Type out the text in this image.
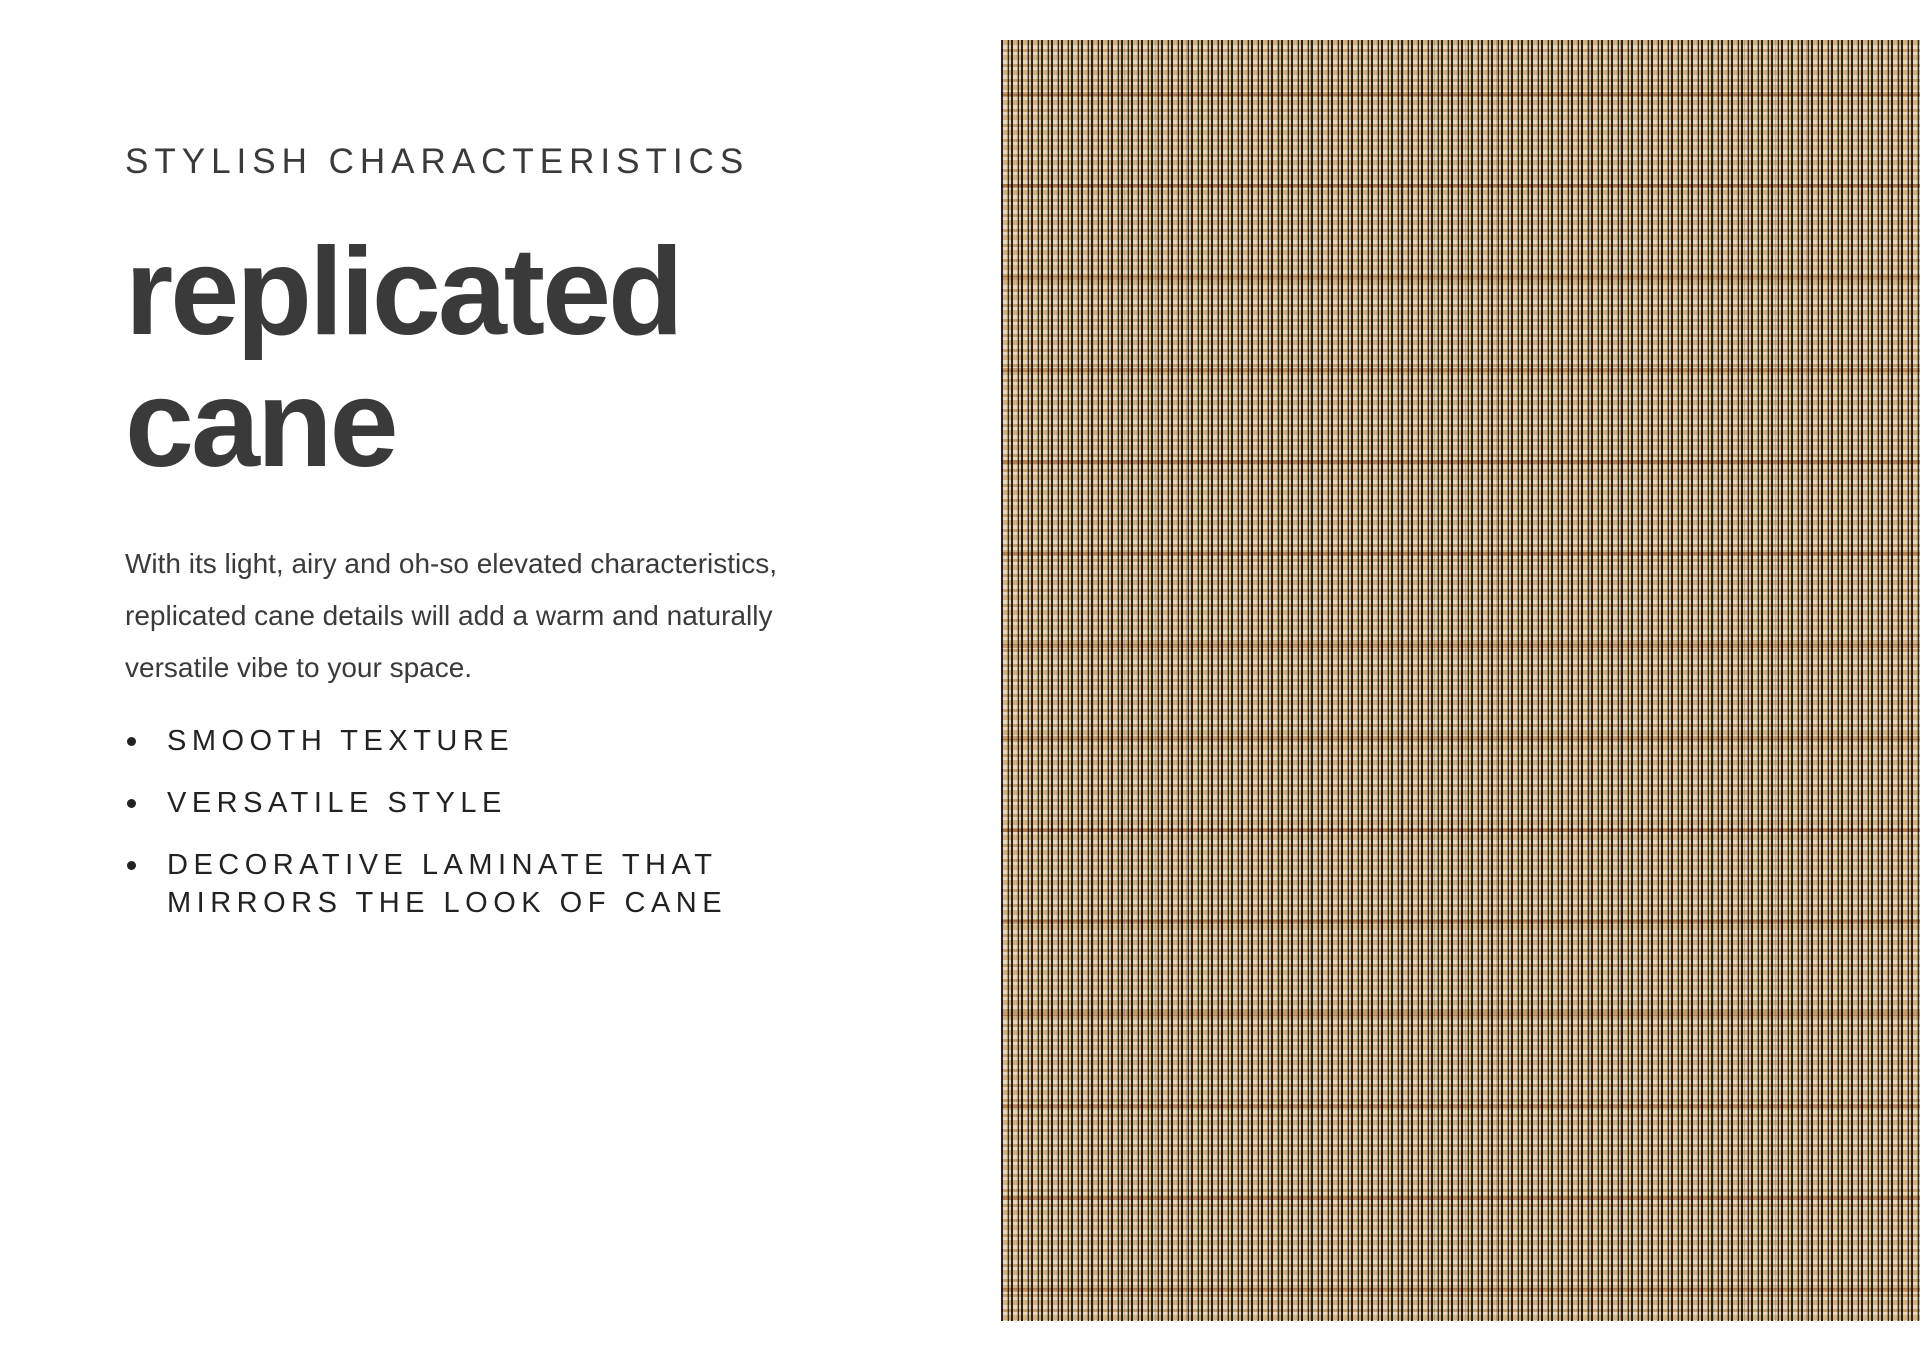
STYLISH CHARACTERISTICS
replicated
cane

With its light, airy and oh-so elevated characteristics, replicated cane details will add a warm and naturally versatile vibe to your space.

SMOOTH TEXTURE
VERSATILE STYLE
DECORATIVE LAMINATE THAT MIRRORS THE LOOK OF CANE
